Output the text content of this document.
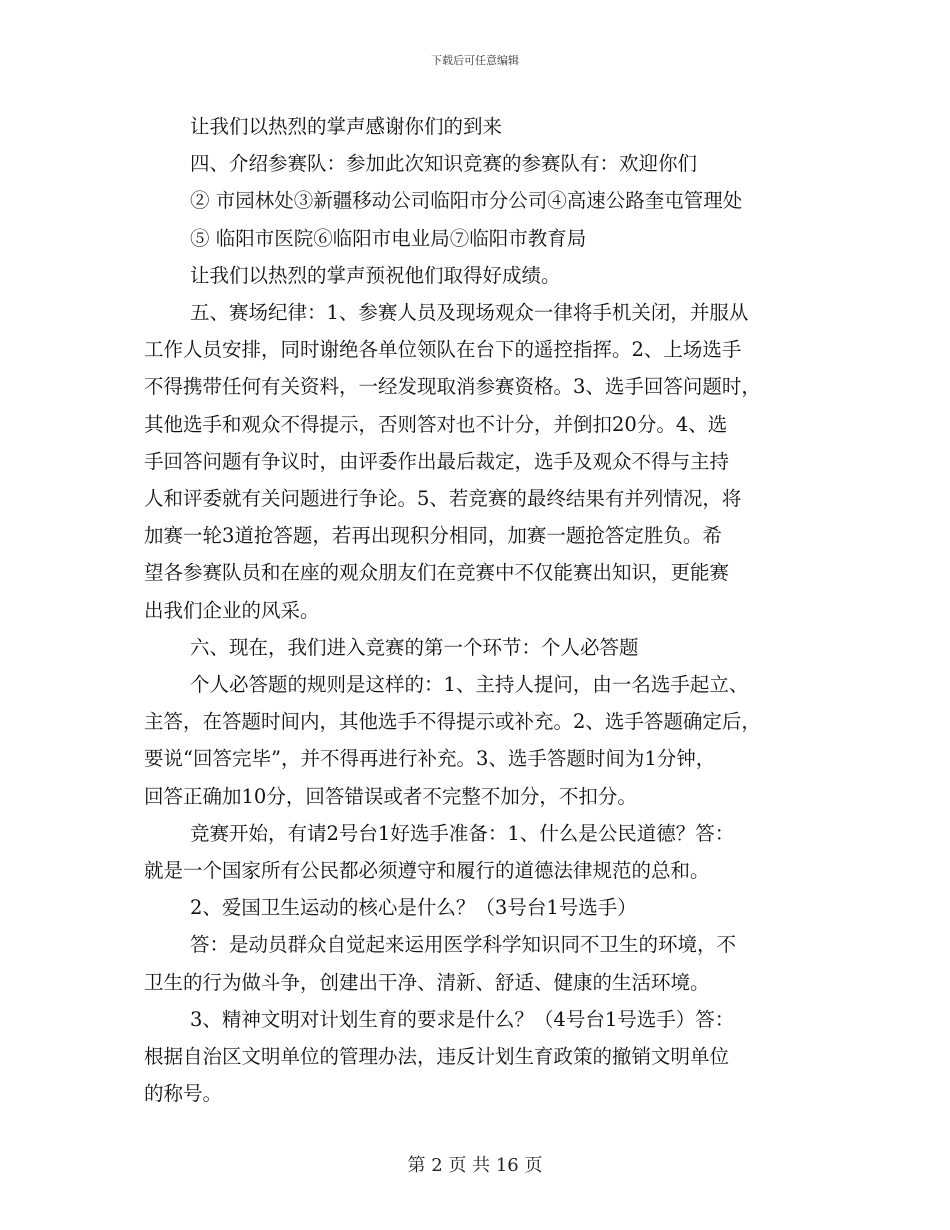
下载后可任意编辑

让我们以热烈的掌声感谢你们的到来

四、介绍参赛队：参加此次知识竞赛的参赛队有：欢迎你们

② 市园林处③新疆移动公司临阳市分公司④高速公路奎屯管理处

⑤ 临阳市医院⑥临阳市电业局⑦临阳市教育局

让我们以热烈的掌声预祝他们取得好成绩。

五、赛场纪律：1、参赛人员及现场观众一律将手机关闭，并服从

工作人员安排，同时谢绝各单位领队在台下的遥控指挥。2、上场选手

不得携带任何有关资料，一经发现取消参赛资格。3、选手回答问题时，

其他选手和观众不得提示，否则答对也不计分，并倒扣20分。4、选

手回答问题有争议时，由评委作出最后裁定，选手及观众不得与主持

人和评委就有关问题进行争论。5、若竞赛的最终结果有并列情况，将

加赛一轮3道抢答题，若再出现积分相同，加赛一题抢答定胜负。希

望各参赛队员和在座的观众朋友们在竞赛中不仅能赛出知识，更能赛

出我们企业的风采。

六、现在，我们进入竞赛的第一个环节：个人必答题

个人必答题的规则是这样的：1、主持人提问，由一名选手起立、

主答，在答题时间内，其他选手不得提示或补充。2、选手答题确定后，

要说“回答完毕”，并不得再进行补充。3、选手答题时间为1分钟，

回答正确加10分，回答错误或者不完整不加分，不扣分。

竞赛开始，有请2号台1好选手准备：1、什么是公民道德？答：

就是一个国家所有公民都必须遵守和履行的道德法律规范的总和。

2、爱国卫生运动的核心是什么？（3号台1号选手）

答：是动员群众自觉起来运用医学科学知识同不卫生的环境，不

卫生的行为做斗争，创建出干净、清新、舒适、健康的生活环境。

3、精神文明对计划生育的要求是什么？（4号台1号选手）答：

根据自治区文明单位的管理办法，违反计划生育政策的撤销文明单位

的称号。

第 2 页 共 16 页
